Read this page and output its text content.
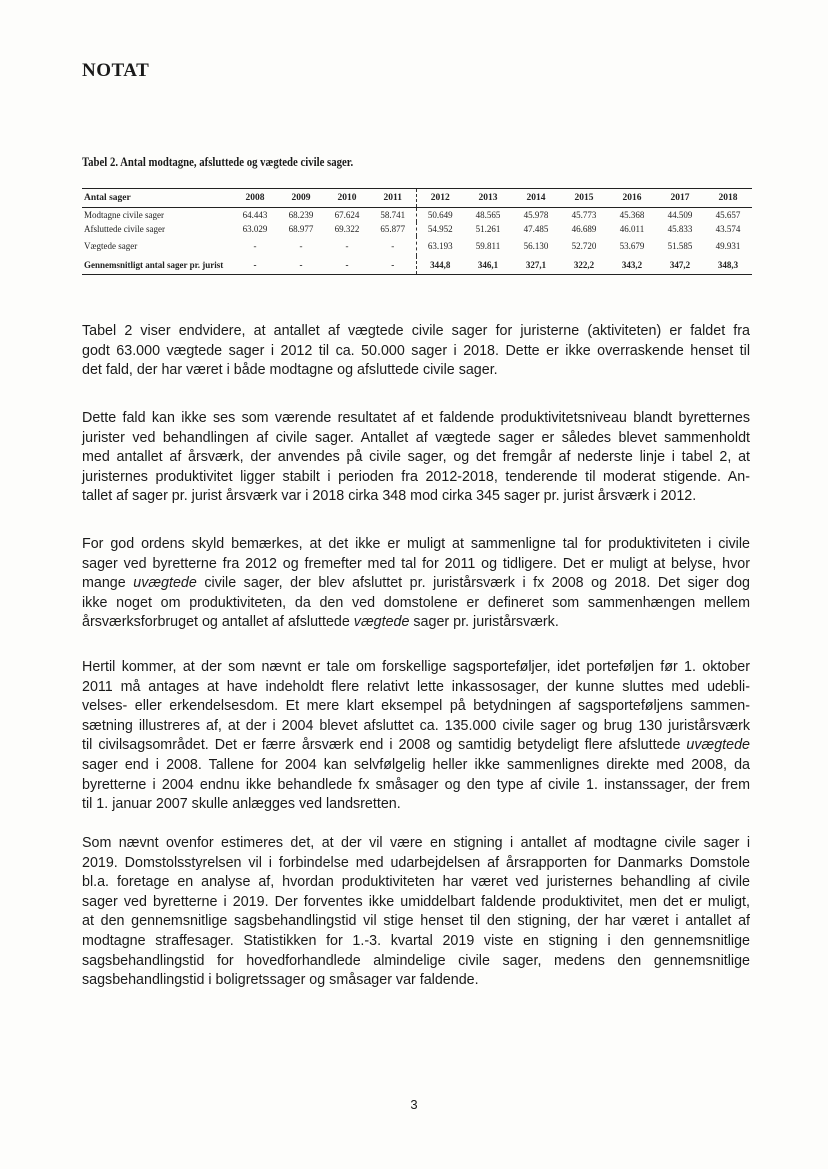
NOTAT

Tabel 2. Antal modtagne, afsluttede og vægtede civile sager.

Antal sager	2008	2009	2010	2011	2012	2013	2014	2015	2016	2017	2018
Modtagne civile sager	64.443	68.239	67.624	58.741	50.649	48.565	45.978	45.773	45.368	44.509	45.657
Afsluttede civile sager	63.029	68.977	69.322	65.877	54.952	51.261	47.485	46.689	46.011	45.833	43.574
Vægtede sager	-	-	-	-	63.193	59.811	56.130	52.720	53.679	51.585	49.931
Gennemsnitligt antal sager pr. jurist	-	-	-	-	344,8	346,1	327,1	322,2	343,2	347,2	348,3

Tabel 2 viser endvidere, at antallet af vægtede civile sager for juristerne (aktiviteten) er faldet fra
godt 63.000 vægtede sager i 2012 til ca. 50.000 sager i 2018. Dette er ikke overraskende henset til
det fald, der har været i både modtagne og afsluttede civile sager.

Dette fald kan ikke ses som værende resultatet af et faldende produktivitetsniveau blandt byretternes
jurister ved behandlingen af civile sager. Antallet af vægtede sager er således blevet sammenholdt
med antallet af årsværk, der anvendes på civile sager, og det fremgår af nederste linje i tabel 2, at
juristernes produktivitet ligger stabilt i perioden fra 2012-2018, tenderende til moderat stigende. An-
tallet af sager pr. jurist årsværk var i 2018 cirka 348 mod cirka 345 sager pr. jurist årsværk i 2012.

For god ordens skyld bemærkes, at det ikke er muligt at sammenligne tal for produktiviteten i civile
sager ved byretterne fra 2012 og fremefter med tal for 2011 og tidligere. Det er muligt at belyse, hvor
mange uvægtede civile sager, der blev afsluttet pr. juristårsværk i fx 2008 og 2018. Det siger dog
ikke noget om produktiviteten, da den ved domstolene er defineret som sammenhængen mellem
årsværksforbruget og antallet af afsluttede vægtede sager pr. juristårsværk.

Hertil kommer, at der som nævnt er tale om forskellige sagsporteføljer, idet porteføljen før 1. oktober
2011 må antages at have indeholdt flere relativt lette inkassosager, der kunne sluttes med udebli-
velses- eller erkendelsesdom. Et mere klart eksempel på betydningen af sagsporteføljens sammen-
sætning illustreres af, at der i 2004 blevet afsluttet ca. 135.000 civile sager og brug 130 juristårsværk
til civilsagsområdet. Det er færre årsværk end i 2008 og samtidig betydeligt flere afsluttede uvægtede
sager end i 2008. Tallene for 2004 kan selvfølgelig heller ikke sammenlignes direkte med 2008, da
byretterne i 2004 endnu ikke behandlede fx småsager og den type af civile 1. instanssager, der frem
til 1. januar 2007 skulle anlægges ved landsretten.

Som nævnt ovenfor estimeres det, at der vil være en stigning i antallet af modtagne civile sager i
2019. Domstolsstyrelsen vil i forbindelse med udarbejdelsen af årsrapporten for Danmarks Domstole
bl.a. foretage en analyse af, hvordan produktiviteten har været ved juristernes behandling af civile
sager ved byretterne i 2019. Der forventes ikke umiddelbart faldende produktivitet, men det er muligt,
at den gennemsnitlige sagsbehandlingstid vil stige henset til den stigning, der har været i antallet af
modtagne straffesager. Statistikken for 1.-3. kvartal 2019 viste en stigning i den gennemsnitlige
sagsbehandlingstid for hovedforhandlede almindelige civile sager, medens den gennemsnitlige
sagsbehandlingstid i boligretssager og småsager var faldende.

3
